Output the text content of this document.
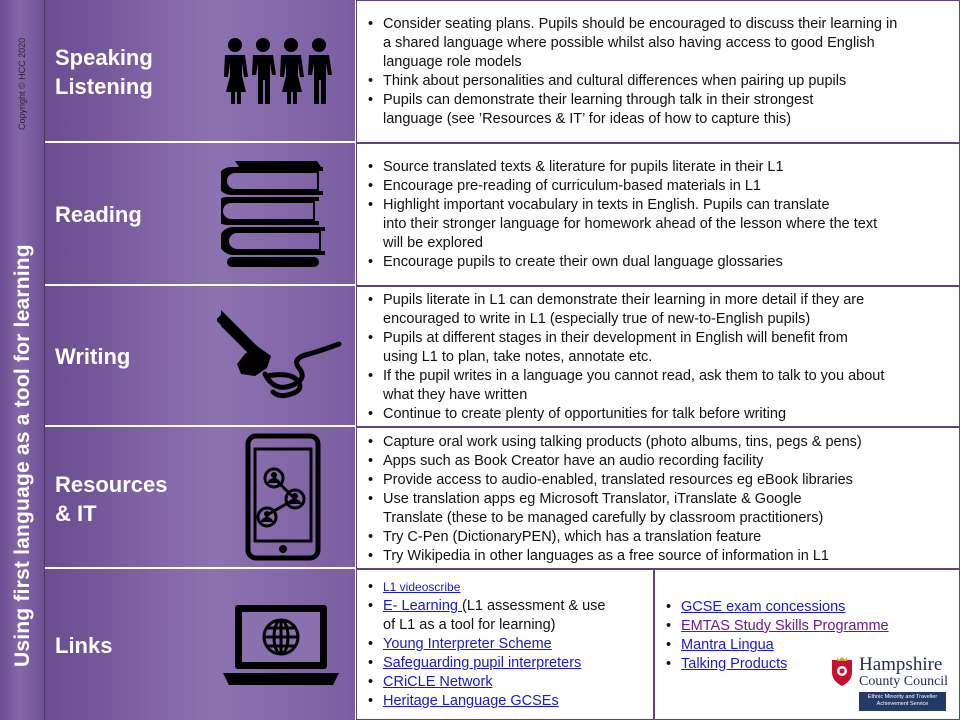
Copyright © HCC 2020
Using first language as a tool for learning
Speaking
Listening
• Consider seating plans. Pupils should be encouraged to discuss their learning in
a shared language where possible whilst also having access to good English
language role models
• Think about personalities and cultural differences when pairing up pupils
• Pupils can demonstrate their learning through talk in their strongest
language (see ’Resources & IT’ for ideas of how to capture this)
Reading
• Source translated texts & literature for pupils literate in their L1
• Encourage pre-reading of curriculum-based materials in L1
• Highlight important vocabulary in texts in English. Pupils can translate
into their stronger language for homework ahead of the lesson where the text
will be explored
• Encourage pupils to create their own dual language glossaries
Writing
• Pupils literate in L1 can demonstrate their learning in more detail if they are
encouraged to write in L1 (especially true of new-to-English pupils)
• Pupils at different stages in their development in English will benefit from
using L1 to plan, take notes, annotate etc.
• If the pupil writes in a language you cannot read, ask them to talk to you about
what they have written
• Continue to create plenty of opportunities for talk before writing
Resources
& IT
• Capture oral work using talking products (photo albums, tins, pegs & pens)
• Apps such as Book Creator have an audio recording facility
• Provide access to audio-enabled, translated resources eg eBook libraries
• Use translation apps eg Microsoft Translator, iTranslate & Google
Translate (these to be managed carefully by classroom practitioners)
• Try C-Pen (DictionaryPEN), which has a translation feature
• Try Wikipedia in other languages as a free source of information in L1
Links
• L1 videoscribe
• E- Learning (L1 assessment & use
of L1 as a tool for learning)
• Young Interpreter Scheme
• Safeguarding pupil interpreters
• CRiCLE Network
• Heritage Language GCSEs
• GCSE exam concessions
• EMTAS Study Skills Programme
• Mantra Lingua
• Talking Products	Hampshire
County Council
Ethnic Minority and Traveller
Achievement Service
